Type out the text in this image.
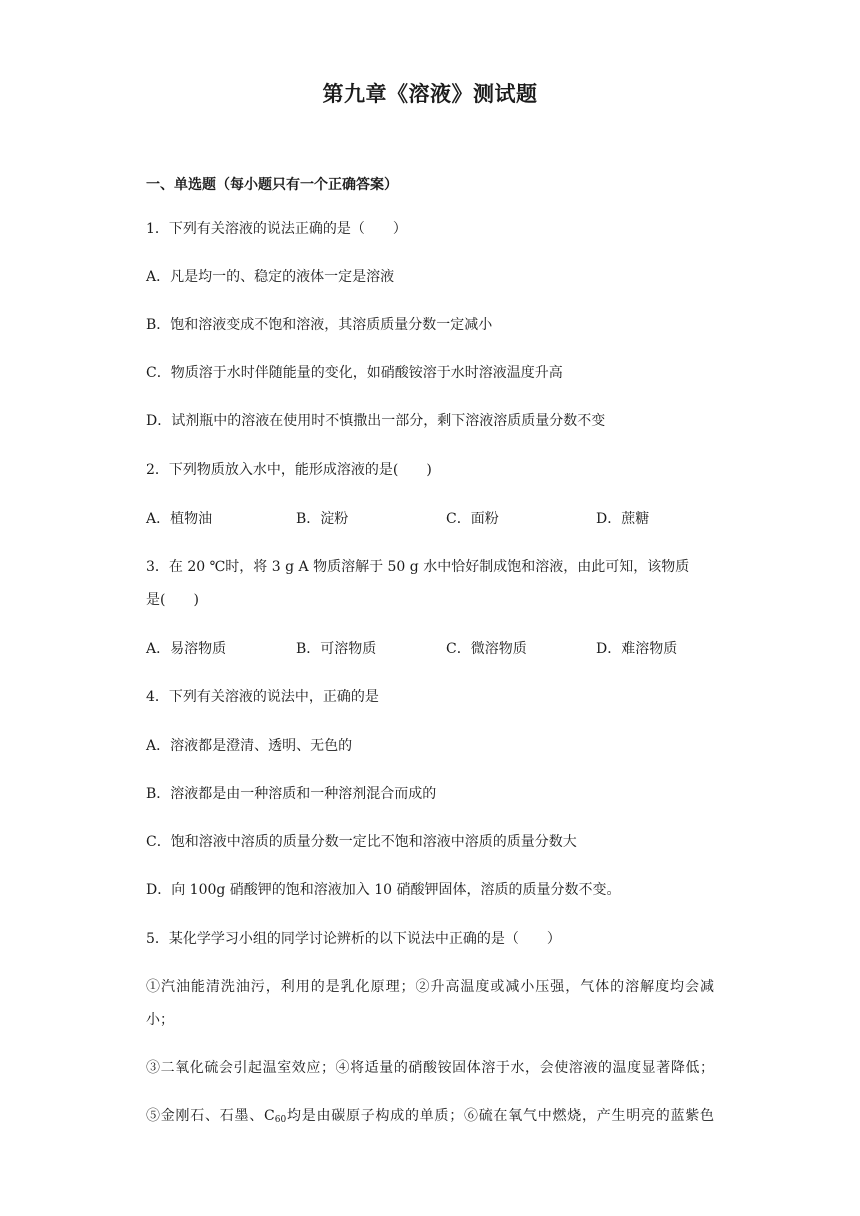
第九章《溶液》测试题
一、单选题（每小题只有一个正确答案）
1．下列有关溶液的说法正确的是（　　）
A．凡是均一的、稳定的液体一定是溶液
B．饱和溶液变成不饱和溶液，其溶质质量分数一定减小
C．物质溶于水时伴随能量的变化，如硝酸铵溶于水时溶液温度升高
D．试剂瓶中的溶液在使用时不慎撒出一部分，剩下溶液溶质质量分数不变
2．下列物质放入水中，能形成溶液的是(　　)
A．植物油	B．淀粉	C．面粉	D．蔗糖
3．在 20 ℃时，将 3 g A 物质溶解于 50 g 水中恰好制成饱和溶液，由此可知，该物质
是(　　)
A．易溶物质	B．可溶物质	C．微溶物质	D．难溶物质
4．下列有关溶液的说法中，正确的是
A．溶液都是澄清、透明、无色的
B．溶液都是由一种溶质和一种溶剂混合而成的
C．饱和溶液中溶质的质量分数一定比不饱和溶液中溶质的质量分数大
D．向 100g 硝酸钾的饱和溶液加入 10 硝酸钾固体，溶质的质量分数不变。
5．某化学学习小组的同学讨论辨析的以下说法中正确的是（　　）
①汽油能清洗油污，利用的是乳化原理；②升高温度或减小压强，气体的溶解度均会减
小；
③二氧化硫会引起温室效应；④将适量的硝酸铵固体溶于水，会使溶液的温度显著降低；
⑤金刚石、石墨、$C_{60}$均是由碳原子构成的单质；⑥硫在氧气中燃烧，产生明亮的蓝紫色
